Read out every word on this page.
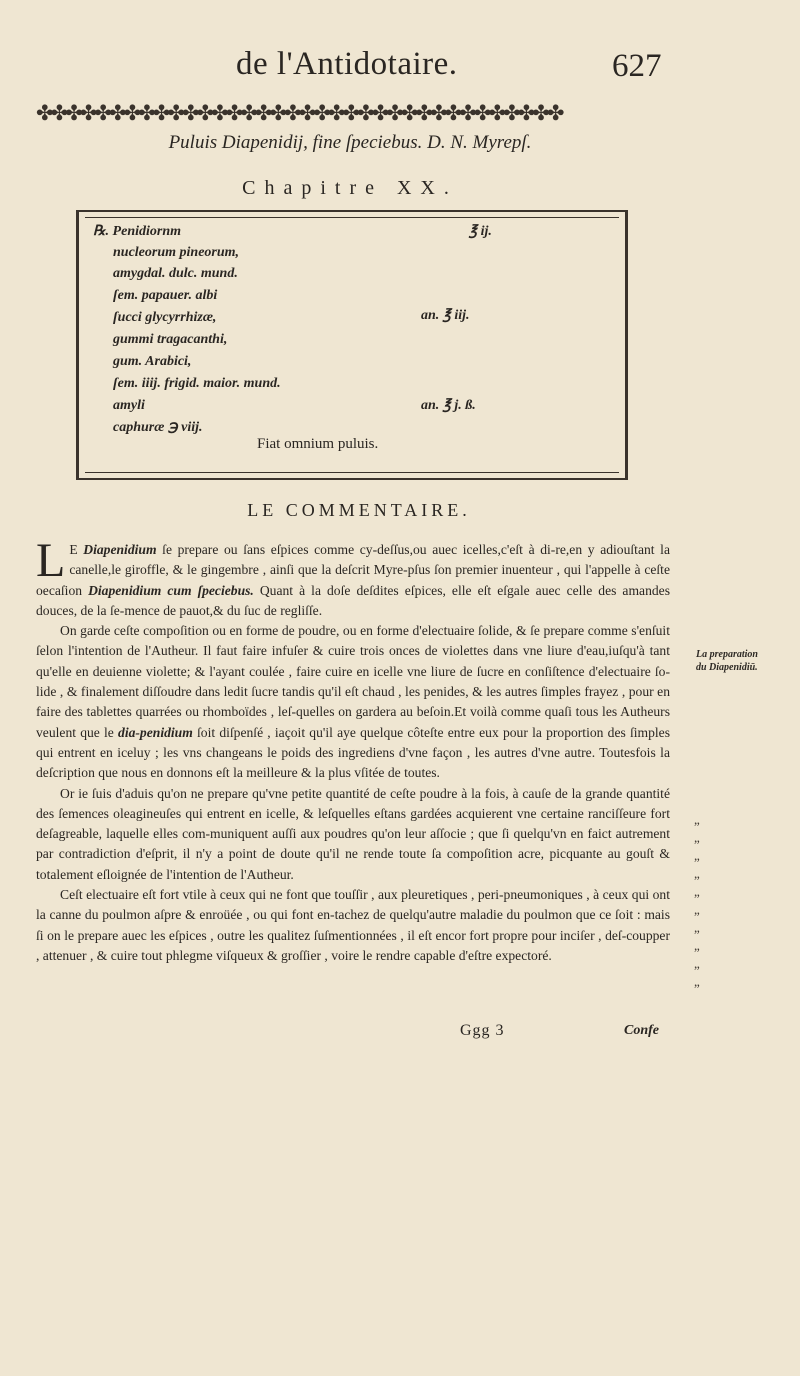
de l'Antidotaire.	627
✤✤✤✤✤✤✤✤✤✤✤✤✤✤✤✤✤✤✤✤✤✤✤✤✤✤✤✤✤✤✤✤✤✤✤✤
Puluis Diapenidij, fine ſpeciebus. D. N. Myrepſ.
Chapitre XX.
℞. Penidiornm
nucleorum pineorum,
amygdal. dulc. mund.
ſem. papauer. albi
ſucci glycyrrhizæ,
gummi tragacanthi,
gum. Arabici,
ſem. iiij. frigid. maior. mund.
amyli
caphuræ ℈ viij.
℥ ij.
an. ℥ iij.
an. ℥ j. ß.
Fiat omnium puluis.
LE COMMENTAIRE.

L E Diapenidium ſe prepare ou ſans eſpices comme cy-deſſus,ou auec icelles,c'eſt à di-re,en y adiouſtant la canelle,le giroffle, & le gingembre , ainſi que la deſcrit Myre-pſus ſon premier inuenteur , qui l'appelle à ceſte oecaſion Diapenidium cum ſpeciebus. Quant à la doſe deſdites eſpices, elle eſt eſgale auec celle des amandes douces, de la ſe-mence de pauot,& du ſuc de regliſſe.

On garde ceſte compoſition ou en forme de poudre, ou en forme d'electuaire ſolide, & ſe prepare comme s'enſuit ſelon l'intention de l'Autheur. Il faut faire infuſer & cuire trois onces de violettes dans vne liure d'eau,iuſqu'à tant qu'elle en deuienne violette; & l'ayant coulée , faire cuire en icelle vne liure de ſucre en conſiſtence d'electuaire ſo-lide , & finalement diſſoudre dans ledit ſucre tandis qu'il eſt chaud , les penides, & les autres ſimples frayez , pour en faire des tablettes quarrées ou rhomboïdes , leſ-quelles on gardera au beſoin.Et voilà comme quaſi tous les Autheurs veulent que le dia-penidium ſoit diſpenſé , iaçoit qu'il aye quelque côteſte entre eux pour la proportion des ſimples qui entrent en iceluy ; les vns changeans le poids des ingrediens d'vne façon , les autres d'vne autre. Toutesfois la deſcription que nous en donnons eſt la meilleure & la plus vſitée de toutes.

Or ie ſuis d'aduis qu'on ne prepare qu'vne petite quantité de ceſte poudre à la fois, à cauſe de la grande quantité des ſemences oleagineuſes qui entrent en icelle, & leſquelles eſtans gardées acquierent vne certaine ranciſſeure fort deſagreable, laquelle elles com-muniquent auſſi aux poudres qu'on leur aſſocie ; que ſi quelqu'vn en faict autrement par contradiction d'eſprit, il n'y a point de doute qu'il ne rende toute ſa compoſition acre, picquante au gouſt & totalement eſloignée de l'intention de l'Autheur.

Ceſt electuaire eſt fort vtile à ceux qui ne font que touſſir , aux pleuretiques , peri-pneumoniques , à ceux qui ont la canne du poulmon aſpre & enroüée , ou qui font en-tachez de quelqu'autre maladie du poulmon que ce ſoit : mais ſi on le prepare auec les eſpices , outre les qualitez ſuſmentionnées , il eſt encor fort propre pour inciſer , deſ-coupper , attenuer , & cuire tout phlegme viſqueux & groſſier , voire le rendre capable d'eſtre expectoré.

La preparation
du Diapenidiū.
”
”
”
”
”
”
”
”
”
”
Ggg 3	Confe
